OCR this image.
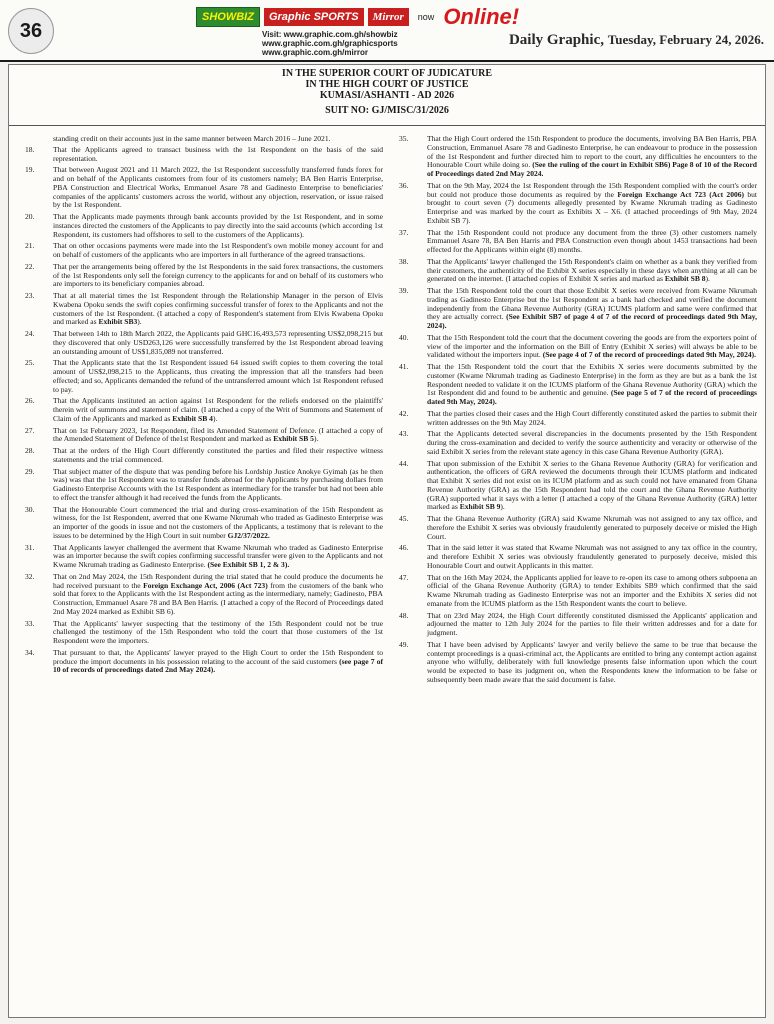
36
SHOWBIZ	Graphic SPORTS	Mirror	now Online!
Visit: www.graphic.com.gh/showbiz
www.graphic.com.gh/graphicsports
www.graphic.com.gh/mirror
Daily Graphic, Tuesday, February 24, 2026.
IN THE SUPERIOR COURT OF JUDICATURE
IN THE HIGH COURT OF JUSTICE
KUMASI/ASHANTI - AD 2026
SUIT NO: GJ/MISC/31/2026
standing credit on their accounts just in the same manner between March 2016 – June 2021.
18.	That the Applicants agreed to transact business with the 1st Respondent on the basis of the said representation.
19.	That between August 2021 and 11 March 2022, the 1st Respondent successfully transferred funds forex for and on behalf of the Applicants customers from four of its customers namely; BA Ben Harris Enterprise, PBA Construction and Electrical Works, Emmanuel Asare 78 and Gadinesto Enterprise to beneficiaries' companies of the applicants' customers across the world, without any objection, reservation, or issue raised by the 1st Respondent.
20.	That the Applicants made payments through bank accounts provided by the 1st Respondent, and in some instances directed the customers of the Applicants to pay directly into the said accounts (which according 1st Respondent, its customers had offshores to sell to the customers of the Applicants).
21.	That on other occasions payments were made into the 1st Respondent's own mobile money account for and on behalf of customers of the applicants who are importers in all furtherance of the agreed transactions.
22.	That per the arrangements being offered by the 1st Respondents in the said forex transactions, the customers of the 1st Respondents only sell the foreign currency to the applicants for and on behalf of its customers who are importers to its beneficiary companies abroad.
23.	That at all material times the 1st Respondent through the Relationship Manager in the person of Elvis Kwabena Opoku sends the swift copies confirming successful transfer of forex to the Applicants and not the customers of the 1st Respondent. (I attached a copy of Respondent's statement from Elvis Kwabena Opoku and marked as Exhibit SB3).
24.	That between 14th to 18th March 2022, the Applicants paid GHC16,493,573 representing US$2,098,215 but they discovered that only USD263,126 were successfully transferred by the 1st Respondent abroad leaving an outstanding amount of US$1,835,089 not transferred.
25.	That the Applicants state that the 1st Respondent issued 64 issued swift copies to them covering the total amount of US$2,098,215 to the Applicants, thus creating the impression that all the transfers had been effected; and so, Applicants demanded the refund of the untransferred amount which 1st Respondent refused to pay.
26.	That the Applicants instituted an action against 1st Respondent for the reliefs endorsed on the plaintiffs' therein writ of summons and statement of claim. (I attached a copy of the Writ of Summons and Statement of Claim of the Applicants and marked as Exhibit SB 4).
27.	That on 1st February 2023, 1st Respondent, filed its Amended Statement of Defence. (I attached a copy of the Amended Statement of Defence of the1st Respondent and marked as Exhibit SB 5).
28.	That at the orders of the High Court differently constituted the parties and filed their respective witness statements and the trial commenced.
29.	That subject matter of the dispute that was pending before his Lordship Justice Anokye Gyimah (as he then was) was that the 1st Respondent was to transfer funds abroad for the Applicants by purchasing dollars from Gadinesto Enterprise Accounts with the 1st Respondent as intermediary for the transfer but had not been able to effect the transfer although it had received the funds from the Applicants.
30.	That the Honourable Court commenced the trial and during cross-examination of the 15th Respondent as witness, for the 1st Respondent, averred that one Kwame Nkrumah who traded as Gadinesto Enterprise was an importer of the goods in issue and not the customers of the Applicants, a testimony that is relevant to the issues to be determined by the High Court in suit number GJ2/37/2022.
31.	That Applicants lawyer challenged the averment that Kwame Nkrumah who traded as Gadinesto Enterprise was an importer because the swift copies confirming successful transfer were given to the Applicants and not Kwame Nkrumah trading as Gadinesto Enterprise. (See Exhibit SB 1, 2 & 3).
32.	That on 2nd May 2024, the 15th Respondent during the trial stated that he could produce the documents he had received pursuant to the Foreign Exchange Act, 2006 (Act 723) from the customers of the bank who sold that forex to the Applicants with the 1st Respondent acting as the intermediary, namely; Gadinesto, PBA Construction, Emmanuel Asare 78 and BA Ben Harris. (I attached a copy of the Record of Proceedings dated 2nd May 2024 marked as Exhibit SB 6).
33.	That the Applicants' lawyer suspecting that the testimony of the 15th Respondent could not be true challenged the testimony of the 15th Respondent who told the court that those customers of the 1st Respondent were the importers.
34.	That pursuant to that, the Applicants' lawyer prayed to the High Court to order the 15th Respondent to produce the import documents in his possession relating to the account of the said customers (see page 7 of 10 of records of proceedings dated 2nd May 2024).
35.	That the High Court ordered the 15th Respondent to produce the documents, involving BA Ben Harris, PBA Construction, Emmanuel Asare 78 and Gadinesto Enterprise, he can endeavour to produce in the possession of the 1st Respondent and further directed him to report to the court, any difficulties he encounters to the Honourable Court while doing so. (See the ruling of the court in Exhibit SB6) Page 8 of 10 of the Record of Proceedings dated 2nd May 2024.
36.	That on the 9th May, 2024 the 1st Respondent through the 15th Respondent complied with the court's order but could not produce those documents as required by the Foreign Exchange Act 723 (Act 2006) but brought to court seven (7) documents allegedly presented by Kwame Nkrumah trading as Gadinesto Enterprise and was marked by the court as Exhibits X – X6. (I attached proceedings of 9th May, 2024 Exhibit SB 7).
37.	That the 15th Respondent could not produce any document from the three (3) other customers namely Emmanuel Asare 78, BA Ben Harris and PBA Construction even though about 1453 transactions had been effected for the Applicants within eight (8) months.
38.	That the Applicants' lawyer challenged the 15th Respondent's claim on whether as a bank they verified from their customers, the authenticity of the Exhibit X series especially in these days when anything at all can be generated on the internet. (I attached copies of Exhibit X series and marked as Exhibit SB 8).
39.	That the 15th Respondent told the court that those Exhibit X series were received from Kwame Nkrumah trading as Gadinesto Enterprise but the 1st Respondent as a bank had checked and verified the document independently from the Ghana Revenue Authority (GRA) ICUMS platform and same were confirmed that they are actually correct. (See Exhibit SB7 of page 4 of 7 of the record of proceedings dated 9th May, 2024).
40.	That the 15th Respondent told the court that the document covering the goods are from the exporters point of view of the importer and the information on the Bill of Entry (Exhibit X series) will always be able to be validated without the importers input. (See page 4 of 7 of the record of proceedings dated 9th May, 2024).
41.	That the 15th Respondent told the court that the Exhibits X series were documents submitted by the customer (Kwame Nkrumah trading as Gadinesto Enterprise) in the form as they are but as a bank the 1st Respondent needed to validate it on the ICUMS platform of the Ghana Revenue Authority (GRA) which the 1st Respondent did and found to be authentic and genuine. (See page 5 of 7 of the record of proceedings dated 9th May, 2024).
42.	That the parties closed their cases and the High Court differently constituted asked the parties to submit their written addresses on the 9th May 2024.
43.	That the Applicants detected several discrepancies in the documents presented by the 15th Respondent during the cross-examination and decided to verify the source authenticity and veracity or otherwise of the said Exhibit X series from the relevant state agency in this case Ghana Revenue Authority (GRA).
44.	That upon submission of the Exhibit X series to the Ghana Revenue Authority (GRA) for verification and authentication, the officers of GRA reviewed the documents through their ICUMS platform and indicated that Exhibit X series did not exist on its ICUM platform and as such could not have emanated from Ghana Revenue Authority (GRA) as the 15th Respondent had told the court and the Ghana Revenue Authority (GRA) supported what it says with a letter (I attached a copy of the Ghana Revenue Authority (GRA) letter marked as Exhibit SB 9).
45.	That the Ghana Revenue Authority (GRA) said Kwame Nkrumah was not assigned to any tax office, and therefore the Exhibit X series was obviously fraudulently generated to purposely deceive or misled the High Court.
46.	That in the said letter it was stated that Kwame Nkrumah was not assigned to any tax office in the country, and therefore Exhibit X series was obviously fraudulently generated to purposely deceive, misled this Honourable Court and outwit Applicants in this matter.
47.	That on the 16th May 2024, the Applicants applied for leave to re-open its case to among others subpoena an official of the Ghana Revenue Authority (GRA) to tender Exhibits SB9 which confirmed that the said Kwame Nkrumah trading as Gadinesto Enterprise was not an importer and the Exhibits X series did not emanate from the ICUMS platform as the 15th Respondent wants the court to believe.
48.	That on 23rd May 2024, the High Court differently constituted dismissed the Applicants' application and adjourned the matter to 12th July 2024 for the parties to file their written addresses and for a date for judgment.
49.	That I have been advised by Applicants' lawyer and verily believe the same to be true that because the contempt proceedings is a quasi-criminal act, the Applicants are entitled to bring any contempt action against anyone who wilfully, deliberately with full knowledge presents false information upon which the court would be expected to base its judgment on, when the Respondents knew the information to be false or subsequently been made aware that the said document is false.
